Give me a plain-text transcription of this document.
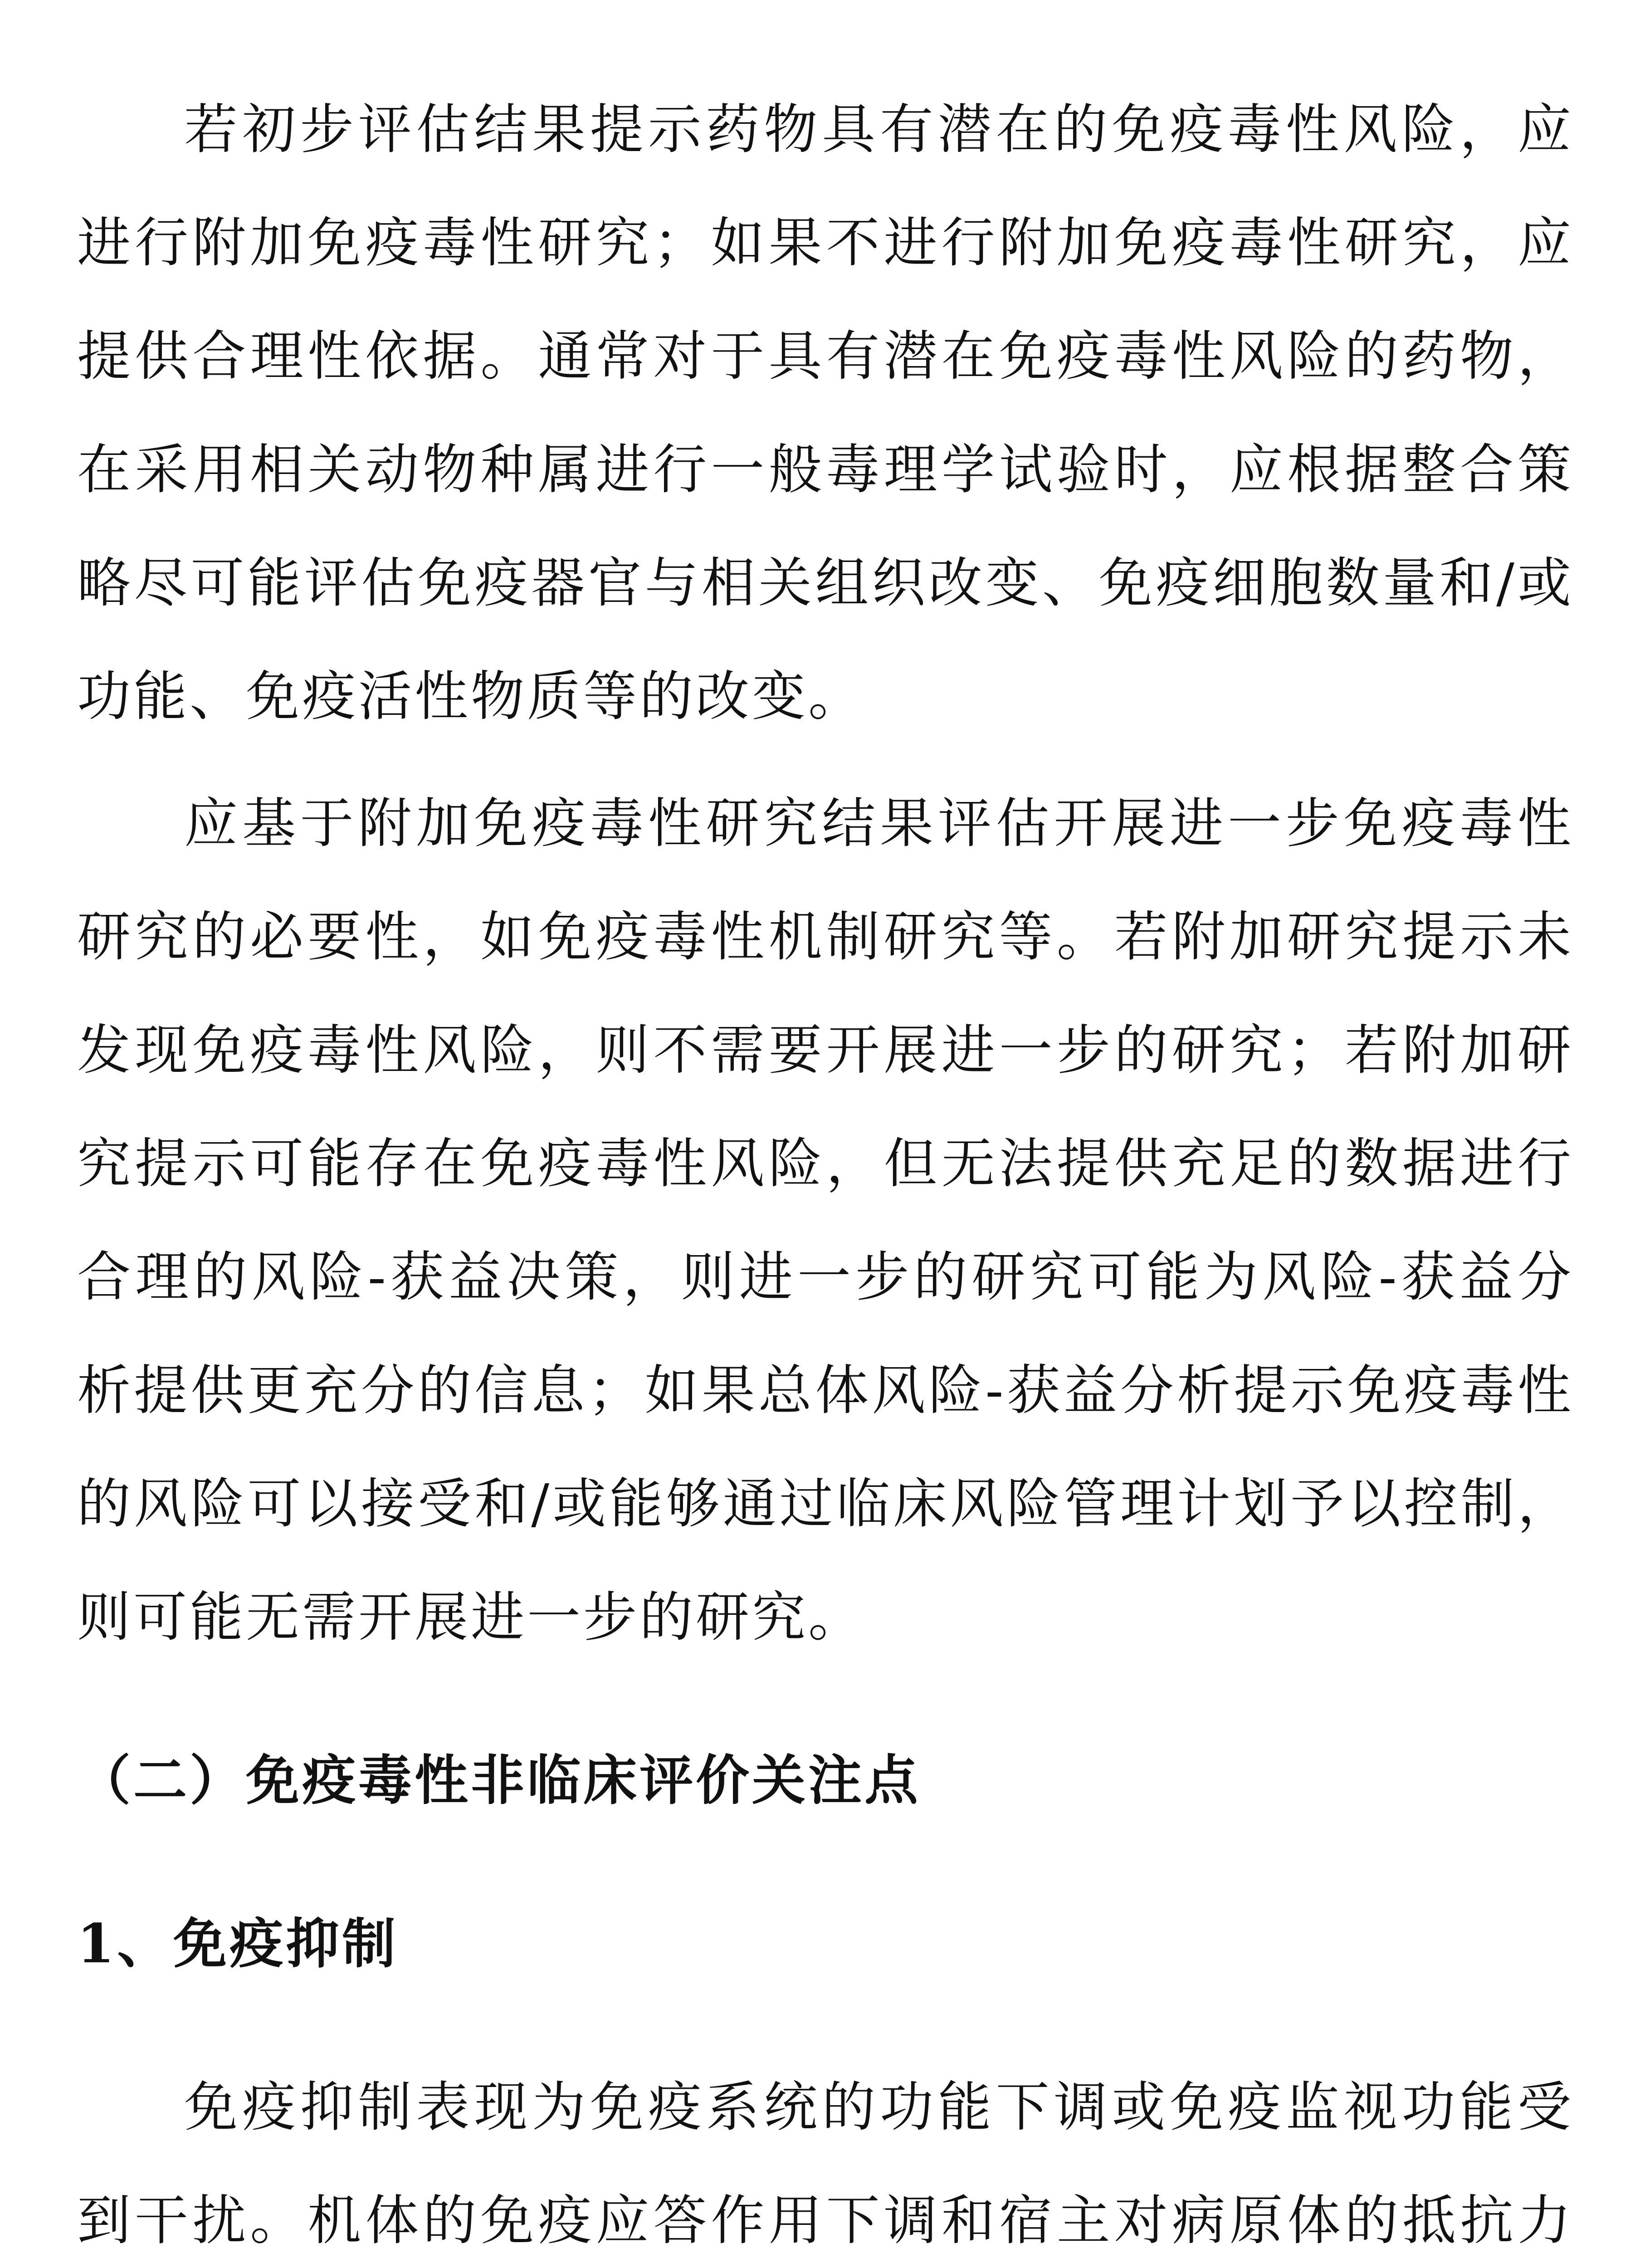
若初步评估结果提示药物具有潜在的免疫毒性风险，应进行附加免疫毒性研究；如果不进行附加免疫毒性研究，应提供合理性依据。通常对于具有潜在免疫毒性风险的药物，在采用相关动物种属进行一般毒理学试验时，应根据整合策略尽可能评估免疫器官与相关组织改变、免疫细胞数量和/或功能、免疫活性物质等的改变。

应基于附加免疫毒性研究结果评估开展进一步免疫毒性研究的必要性，如免疫毒性机制研究等。若附加研究提示未发现免疫毒性风险，则不需要开展进一步的研究；若附加研究提示可能存在免疫毒性风险，但无法提供充足的数据进行合理的风险-获益决策，则进一步的研究可能为风险-获益分析提供更充分的信息；如果总体风险-获益分析提示免疫毒性的风险可以接受和/或能够通过临床风险管理计划予以控制，则可能无需开展进一步的研究。

（二）免疫毒性非临床评价关注点
1、免疫抑制

免疫抑制表现为免疫系统的功能下调或免疫监视功能受到干扰。机体的免疫应答作用下调和宿主对病原体的抵抗力
